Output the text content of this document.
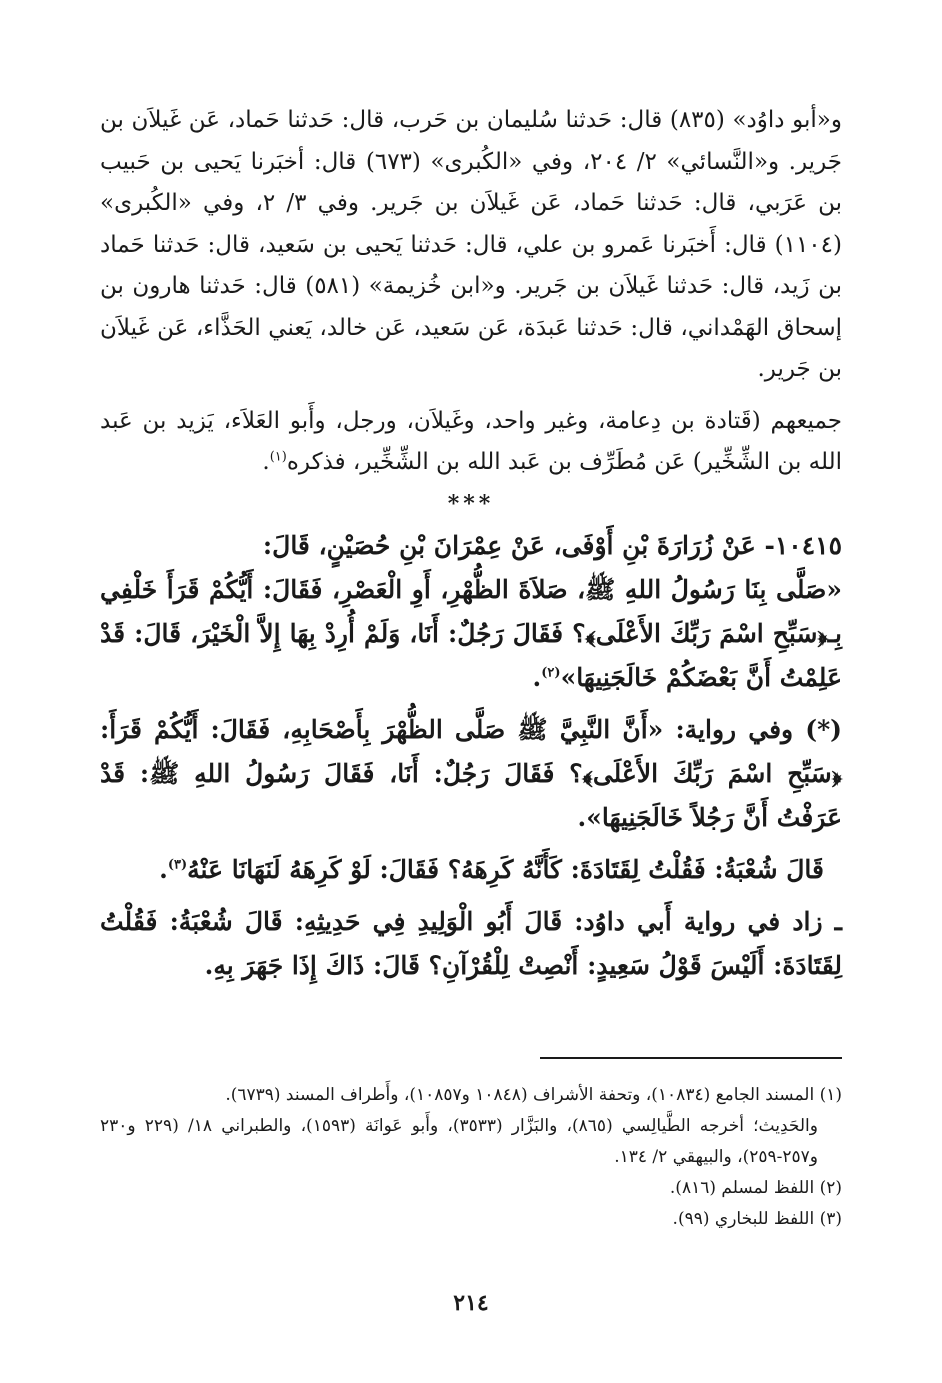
و«أبو داوُد» (٨٣٥) قال: حَدثنا سُليمان بن حَرب، قال: حَدثنا حَماد، عَن غَيلاَن بن جَرير. و«النَّسائي» ٢/ ٢٠٤، وفي «الكُبرى» (٦٧٣) قال: أخبَرنا يَحيى بن حَبيب بن عَرَبي، قال: حَدثنا حَماد، عَن غَيلاَن بن جَرير. وفي ٣/ ٢، وفي «الكُبرى» (١١٠٤) قال: أَخبَرنا عَمرو بن علي، قال: حَدثنا يَحيى بن سَعيد، قال: حَدثنا حَماد بن زَيد، قال: حَدثنا غَيلاَن بن جَرير. و«ابن خُزيمة» (٥٨١) قال: حَدثنا هارون بن إسحاق الهَمْداني، قال: حَدثنا عَبدَة، عَن سَعيد، عَن خالد، يَعني الحَذَّاء، عَن غَيلاَن بن جَرير.

جميعهم (قَتادة بن دِعامة، وغير واحد، وغَيلاَن، ورجل، وأَبو العَلاَء، يَزيد بن عَبد الله بن الشِّخِّير) عَن مُطَرِّف بن عَبد الله بن الشِّخِّير، فذكره$^{(١)}$.

***

١٠٤١٥- عَنْ زُرَارَةَ بْنِ أَوْفَى، عَنْ عِمْرَانَ بْنِ حُصَيْنٍ، قَالَ:

«صَلَّى بِنَا رَسُولُ اللهِ ﷺ، صَلاَةَ الظُّهْرِ، أَوِ الْعَصْرِ، فَقَالَ: أَيُّكُمْ قَرَأَ خَلْفِي بِـ﴿سَبِّحِ اسْمَ رَبِّكَ الأَعْلَى﴾؟ فَقَالَ رَجُلٌ: أَنَا، وَلَمْ أُرِدْ بِهَا إِلاَّ الْخَيْرَ، قَالَ: قَدْ عَلِمْتُ أَنَّ بَعْضَكُمْ خَالَجَنِيهَا»$^{(٢)}$.

(*) وفي رواية: «أَنَّ النَّبِيَّ ﷺ صَلَّى الظُّهْرَ بِأَصْحَابِهِ، فَقَالَ: أَيُّكُمْ قَرَأَ: ﴿سَبِّحِ اسْمَ رَبِّكَ الأَعْلَى﴾؟ فَقَالَ رَجُلٌ: أَنَا، فَقَالَ رَسُولُ اللهِ ﷺ: قَدْ عَرَفْتُ أَنَّ رَجُلاً خَالَجَنِيهَا».

قَالَ شُعْبَةُ: فَقُلْتُ لِقَتَادَةَ: كَأَنَّهُ كَرِهَهُ؟ فَقَالَ: لَوْ كَرِهَهُ لَنَهَانَا عَنْهُ$^{(٣)}$.

ـ زاد في رواية أَبي داوُد: قَالَ أَبُو الْوَلِيدِ فِي حَدِيثِهِ: قَالَ شُعْبَةُ: فَقُلْتُ لِقَتَادَةَ: أَلَيْسَ قَوْلُ سَعِيدٍ: أَنْصِتْ لِلْقُرْآنِ؟ قَالَ: ذَاكَ إِذَا جَهَرَ بِهِ.

(١) المسند الجامع (١٠٨٣٤)، وتحفة الأشراف (١٠٨٤٨ و١٠٨٥٧)، وأَطراف المسند (٦٧٣٩).

والحَدِيث؛ أخرجه الطَّيالِسي (٨٦٥)، والبَزَّار (٣٥٣٣)، وأَبو عَوانَة (١٥٩٣)، والطبراني ١٨/ (٢٢٩ و٢٣٠ و٢٥٧-٢٥٩)، والبيهقي ٢/ ١٣٤.

(٢) اللفظ لمسلم (٨١٦).

(٣) اللفظ للبخاري (٩٩).

٢١٤
